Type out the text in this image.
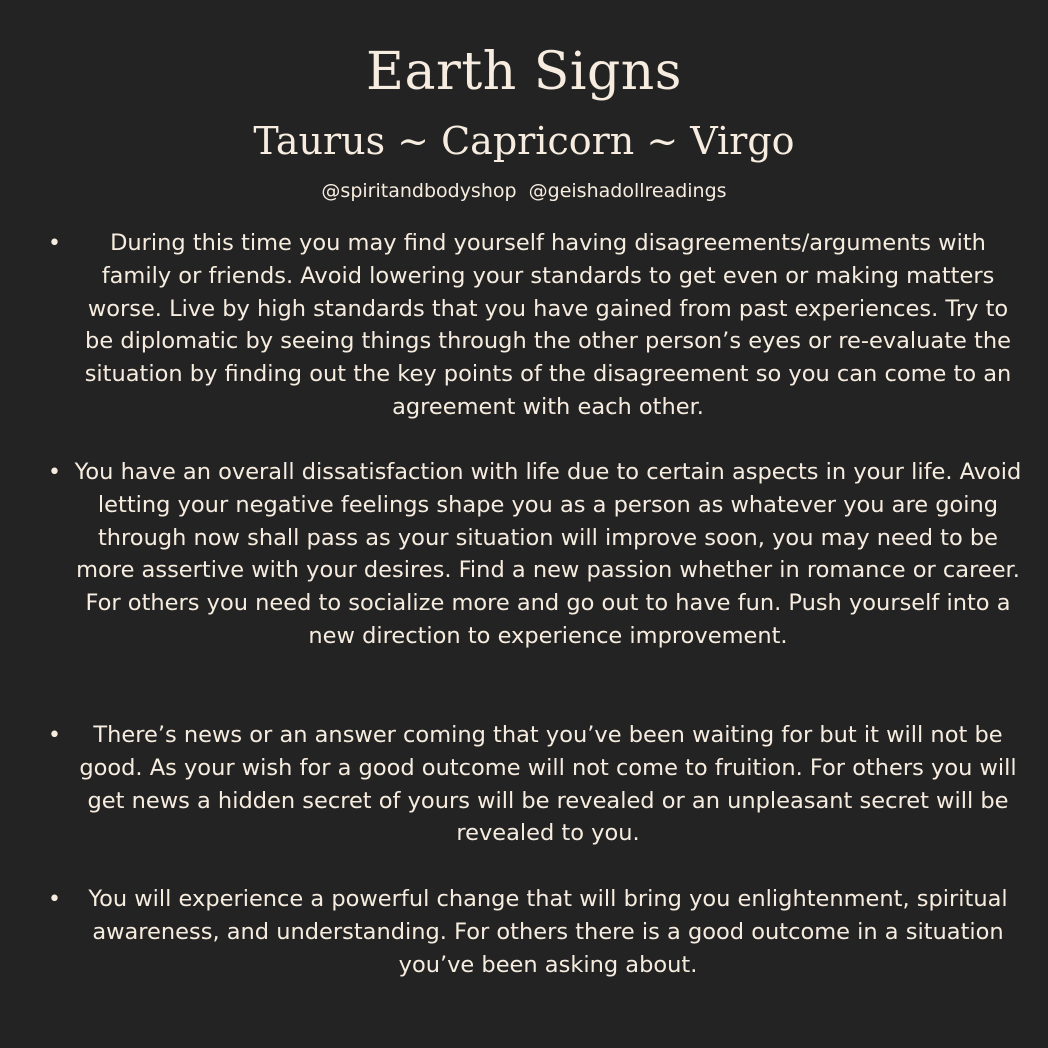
Earth Signs
Taurus ~ Capricorn ~ Virgo
@spiritandbodyshop  @geishadollreadings
•	During this time you may find yourself having disagreements/arguments with family or friends. Avoid lowering your standards to get even or making matters worse. Live by high standards that you have gained from past experiences. Try to be diplomatic by seeing things through the other person’s eyes or re-evaluate the situation by finding out the key points of the disagreement so you can come to an agreement with each other.
• You have an overall dissatisfaction with life due to certain aspects in your life. Avoid letting your negative feelings shape you as a person as whatever you are going through now shall pass as your situation will improve soon, you may need to be more assertive with your desires. Find a new passion whether in romance or career. For others you need to socialize more and go out to have fun. Push yourself into a new direction to experience improvement.
•	There’s news or an answer coming that you’ve been waiting for but it will not be good. As your wish for a good outcome will not come to fruition. For others you will get news a hidden secret of yours will be revealed or an unpleasant secret will be revealed to you.
•	You will experience a powerful change that will bring you enlightenment, spiritual awareness, and understanding. For others there is a good outcome in a situation you’ve been asking about.
